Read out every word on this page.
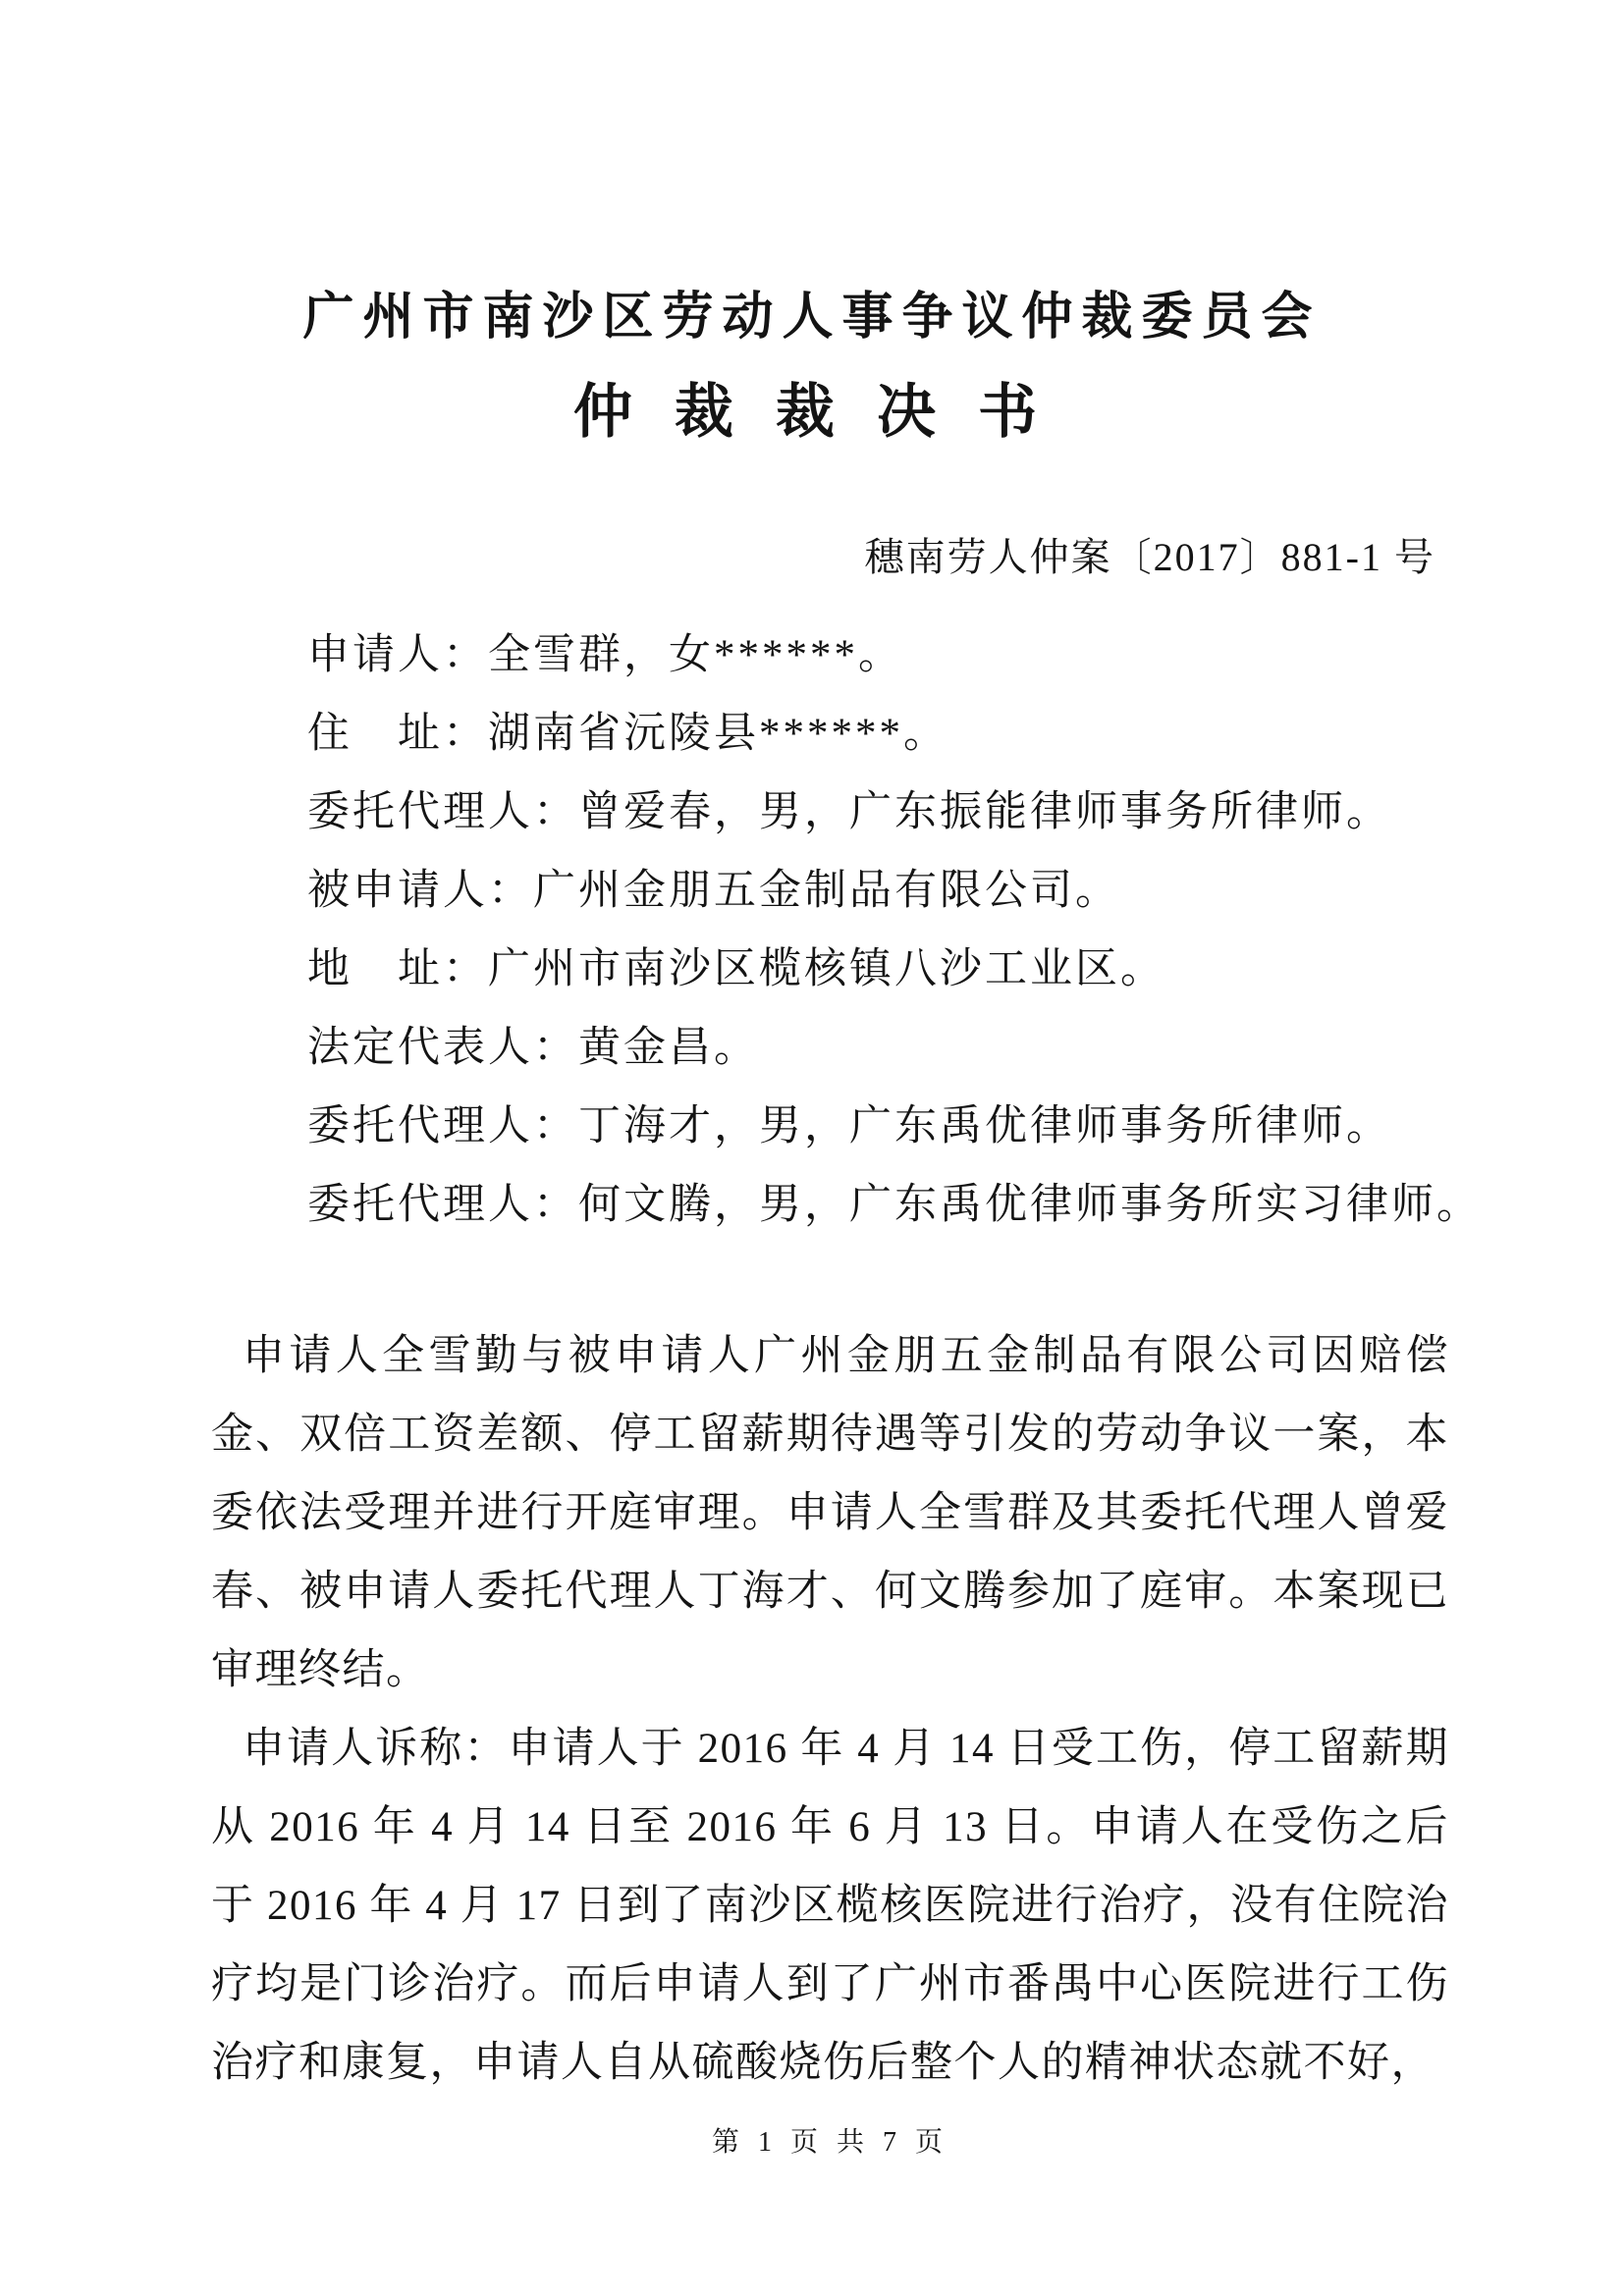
广州市南沙区劳动人事争议仲裁委员会
仲 裁 裁 决 书
穗南劳人仲案〔2017〕881-1 号
申请人：全雪群，女******。
住　址：湖南省沅陵县******。
委托代理人：曾爱春，男，广东振能律师事务所律师。
被申请人：广州金朋五金制品有限公司。
地　址：广州市南沙区榄核镇八沙工业区。
法定代表人：黄金昌。
委托代理人：丁海才，男，广东禹优律师事务所律师。
委托代理人：何文腾，男，广东禹优律师事务所实习律师。

申请人全雪勤与被申请人广州金朋五金制品有限公司因赔偿金、双倍工资差额、停工留薪期待遇等引发的劳动争议一案，本委依法受理并进行开庭审理。申请人全雪群及其委托代理人曾爱春、被申请人委托代理人丁海才、何文腾参加了庭审。本案现已审理终结。

申请人诉称：申请人于 2016 年 4 月 14 日受工伤，停工留薪期从 2016 年 4 月 14 日至 2016 年 6 月 13 日。申请人在受伤之后于 2016 年 4 月 17 日到了南沙区榄核医院进行治疗，没有住院治疗均是门诊治疗。而后申请人到了广州市番禺中心医院进行工伤治疗和康复，申请人自从硫酸烧伤后整个人的精神状态就不好，

第 1 页 共 7 页
